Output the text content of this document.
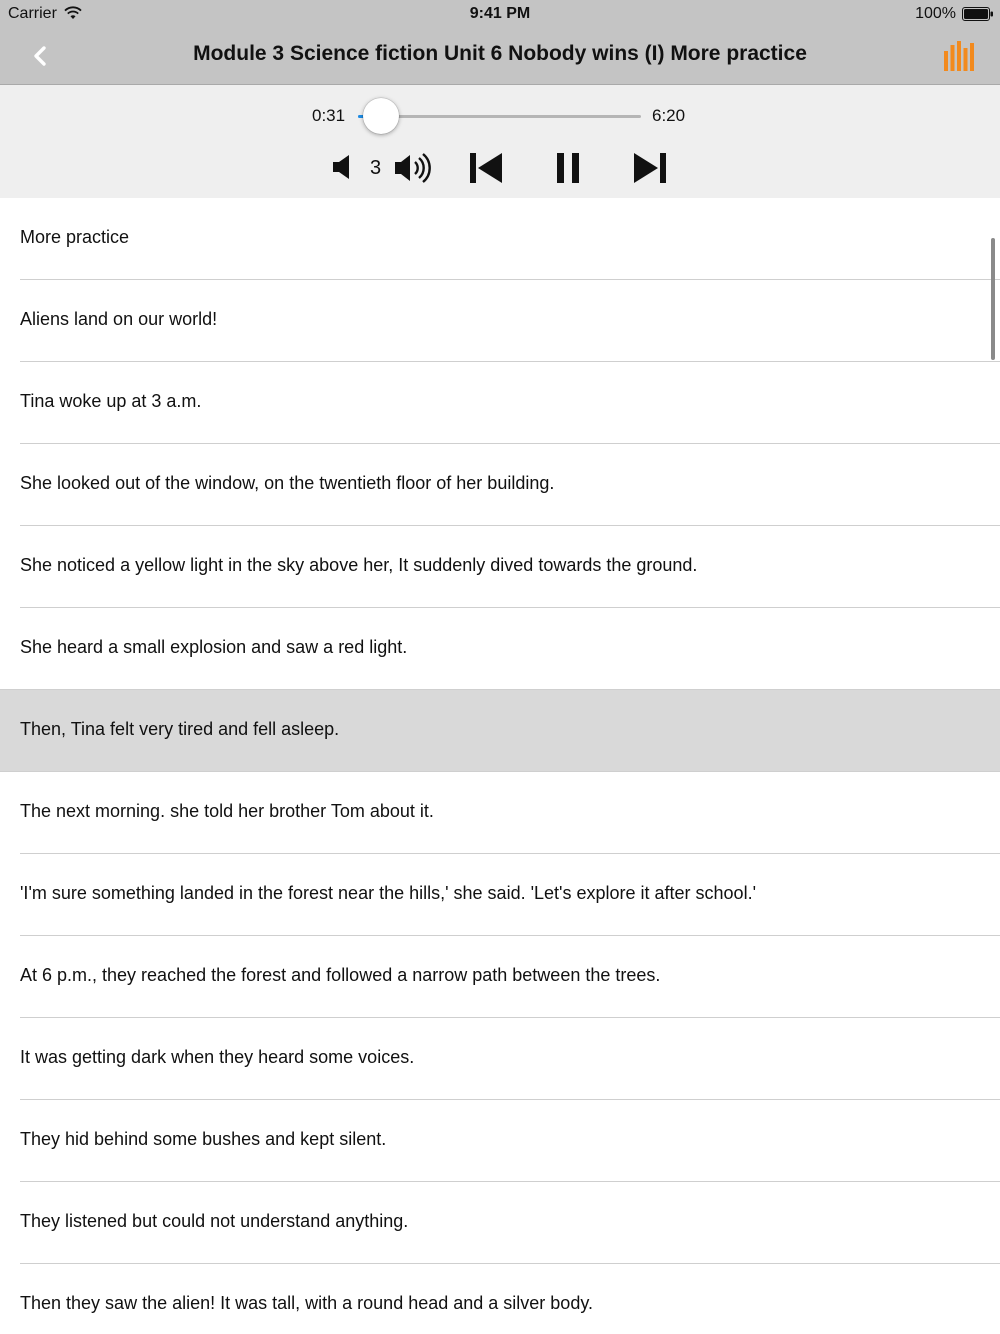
Carrier	9:41 PM	100%
Module 3 Science fiction Unit 6 Nobody wins (I) More practice
0:31	6:20
3
More practice
Aliens land on our world!
Tina woke up at 3 a.m.
She looked out of the window, on the twentieth floor of her building.
She noticed a yellow light in the sky above her, It suddenly dived towards the ground.
She heard a small explosion and saw a red light.
Then, Tina felt very tired and fell asleep.
The next morning. she told her brother Tom about it.
'I'm sure something landed in the forest near the hills,' she said. 'Let's explore it after school.'
At 6 p.m., they reached the forest and followed a narrow path between the trees.
It was getting dark when they heard some voices.
They hid behind some bushes and kept silent.
They listened but could not understand anything.
Then they saw the alien! It was tall, with a round head and a silver body.
